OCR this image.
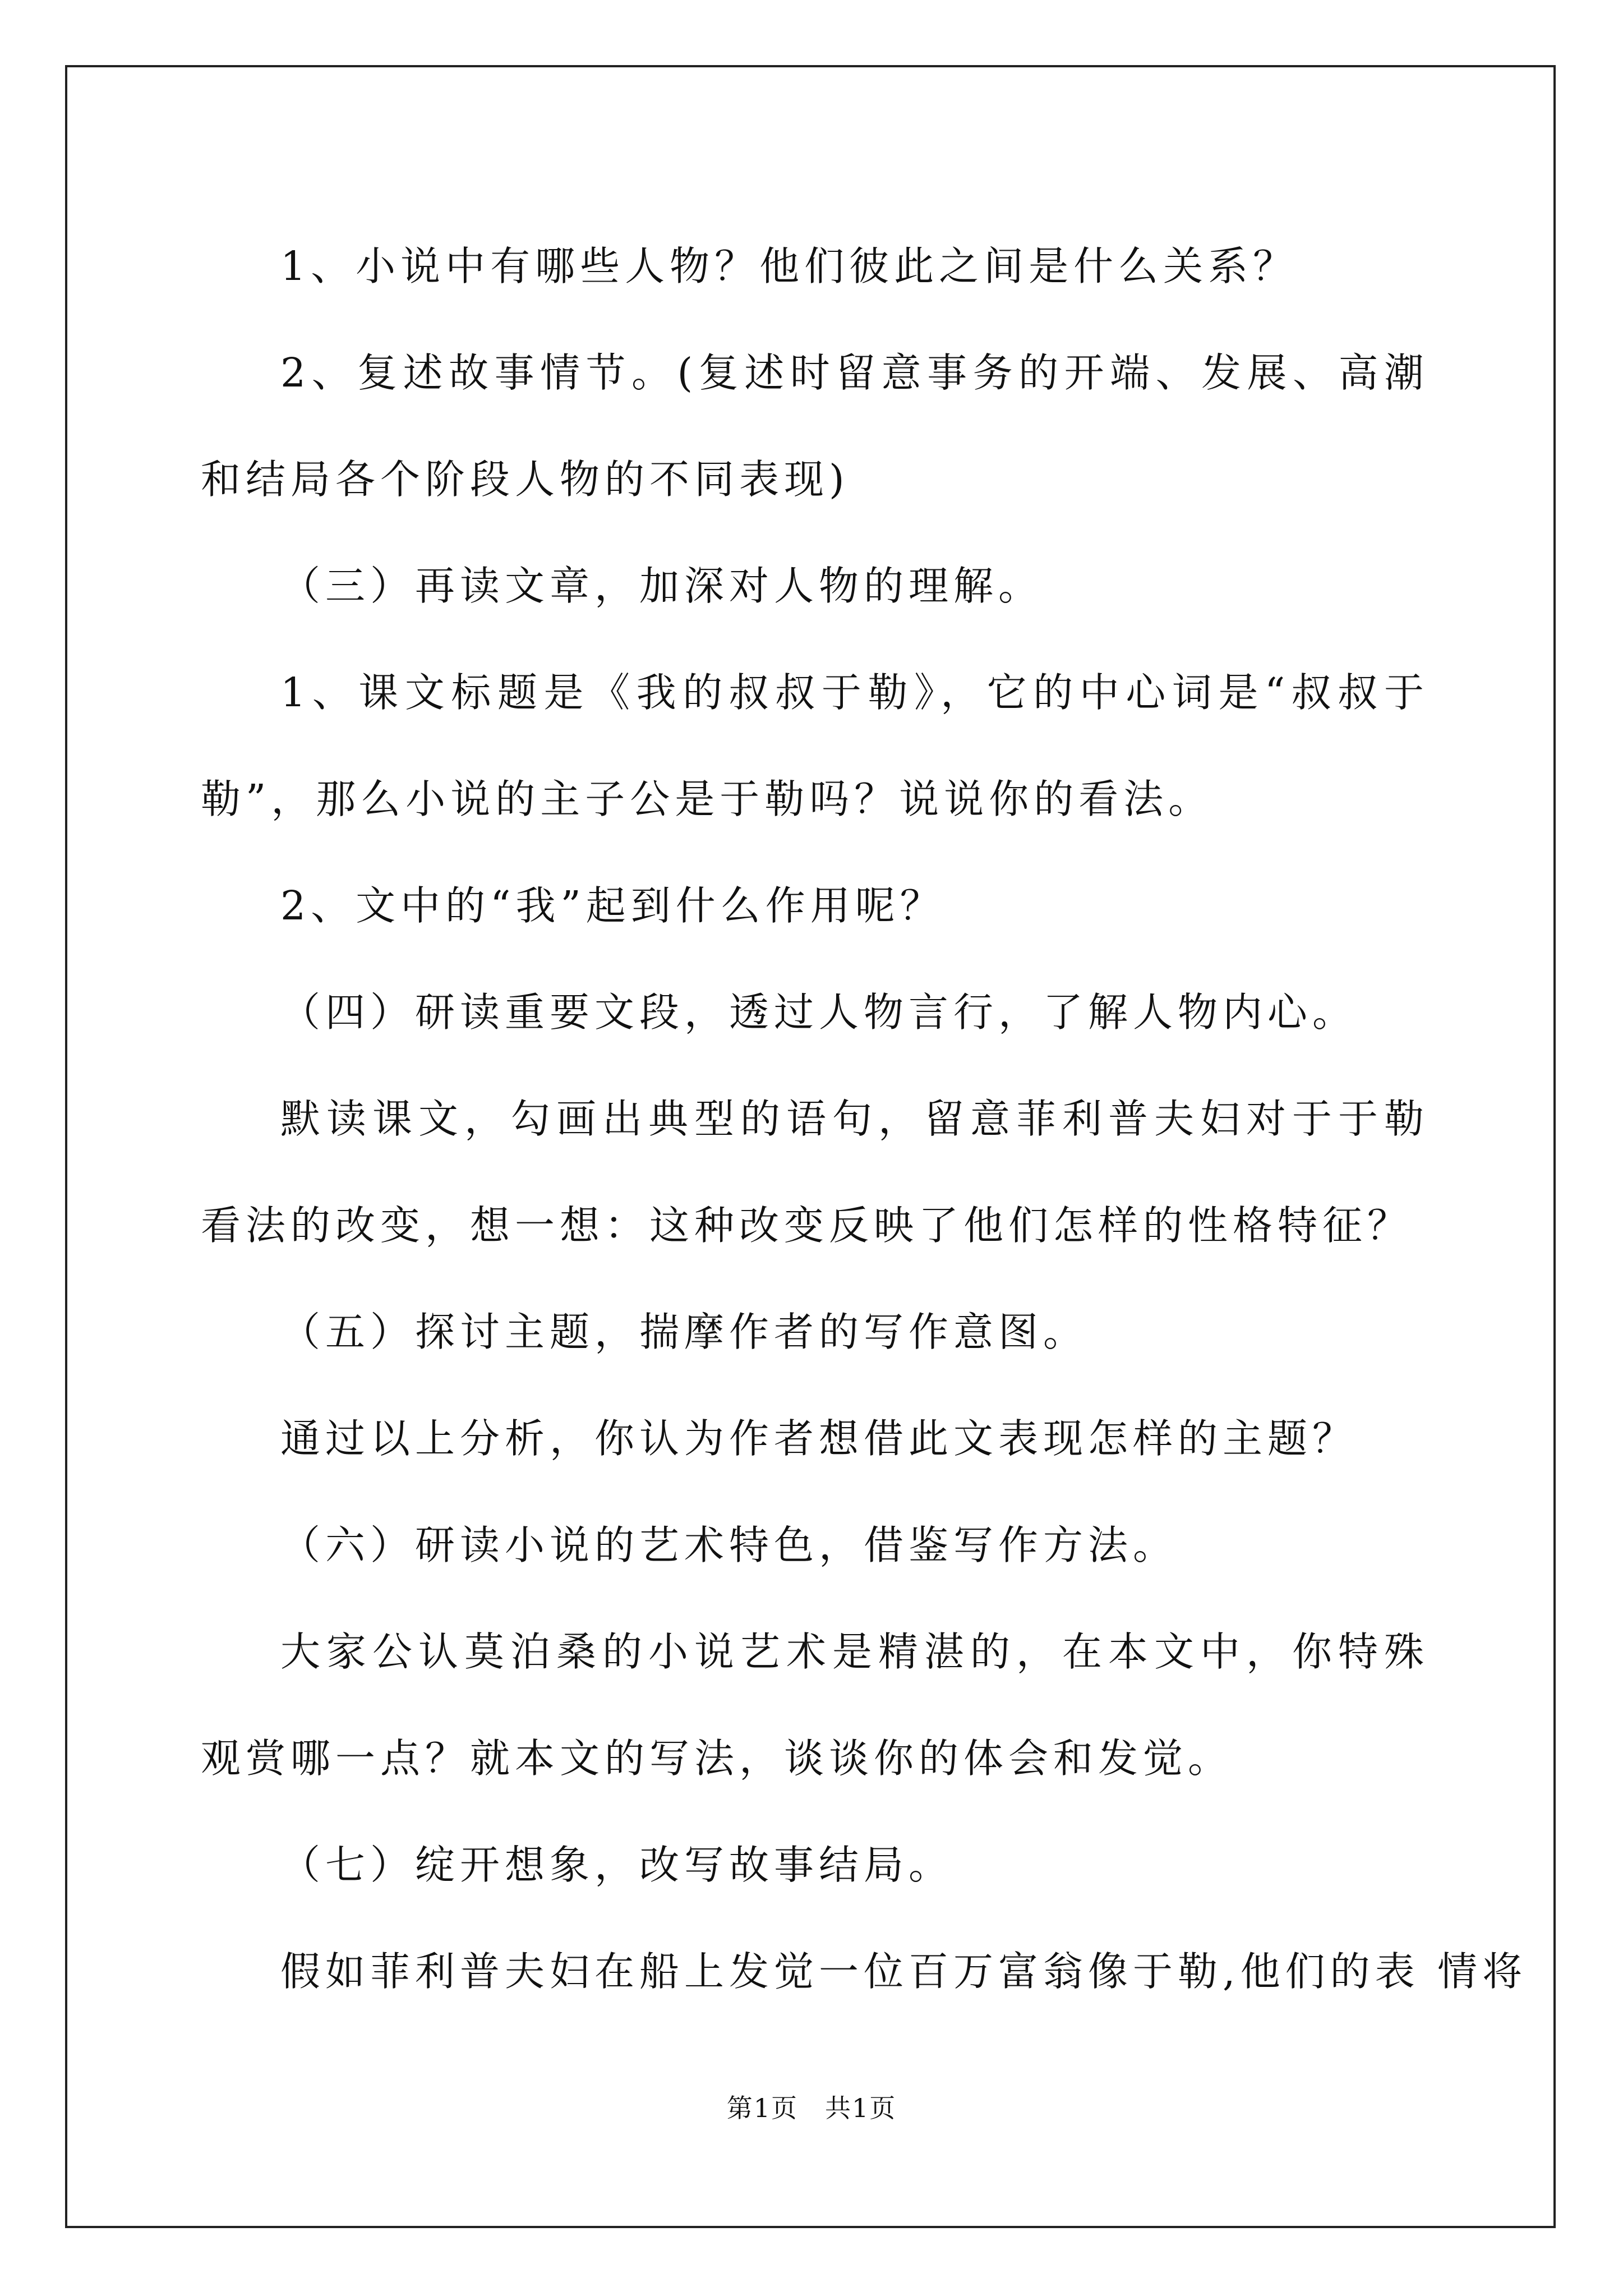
1、小说中有哪些人物？他们彼此之间是什么关系？

2、复述故事情节。(复述时留意事务的开端、发展、高潮和结局各个阶段人物的不同表现)

（三）再读文章，加深对人物的理解。

1、课文标题是《我的叔叔于勒》，它的中心词是“叔叔于勒”，那么小说的主子公是于勒吗？说说你的看法。

2、文中的“我”起到什么作用呢？

（四）研读重要文段，透过人物言行，了解人物内心。

默读课文，勾画出典型的语句，留意菲利普夫妇对于于勒看法的改变，想一想：这种改变反映了他们怎样的性格特征？

（五）探讨主题，揣摩作者的写作意图。

通过以上分析，你认为作者想借此文表现怎样的主题？

（六）研读小说的艺术特色，借鉴写作方法。

大家公认莫泊桑的小说艺术是精湛的，在本文中，你特殊观赏哪一点？就本文的写法，谈谈你的体会和发觉。

（七）绽开想象，改写故事结局。

假如菲利普夫妇在船上发觉一位百万富翁像于勒,他们的表 情将

第1页　共1页
